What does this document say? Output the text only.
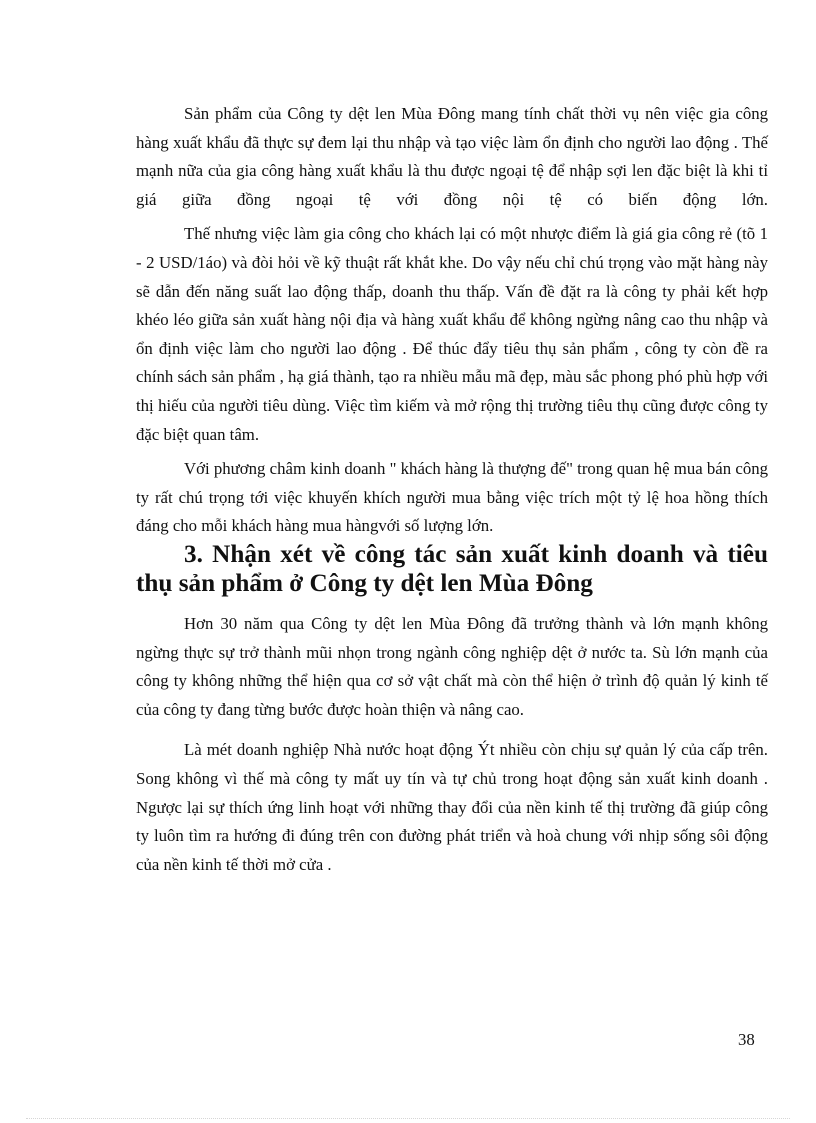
Sản phẩm của Công ty dệt len Mùa Đông mang tính chất thời vụ nên việc gia công hàng xuất khẩu đã thực sự đem lại thu nhập và tạo việc làm ổn định cho người lao động . Thế mạnh nữa của gia công hàng xuất khẩu là thu được ngoại tệ để nhập sợi len đặc biệt là khi tỉ giá giữa đồng ngoại tệ với đồng nội tệ có biến động lớn.

Thế nhưng việc làm gia công cho khách lại có một nhược điểm là giá gia công rẻ (tõ 1 - 2 USD/1áo) và đòi hỏi về kỹ thuật rất khắt khe. Do vậy nếu chỉ chú trọng vào mặt hàng này sẽ dẫn đến năng suất lao động thấp, doanh thu thấp. Vấn đề đặt ra là công ty phải kết hợp khéo léo giữa sản xuất hàng nội địa và hàng xuất khẩu để không ngừng nâng cao thu nhập và ổn định việc làm cho người lao động . Để thúc đẩy tiêu thụ sản phẩm , công ty còn đề ra chính sách sản phẩm , hạ giá thành, tạo ra nhiều mẫu mã đẹp, màu sắc phong phó phù hợp với thị hiếu của người tiêu dùng. Việc tìm kiếm và mở rộng thị trường tiêu thụ cũng được công ty đặc biệt quan tâm.

Với phương châm kinh doanh " khách hàng là thượng đế" trong quan hệ mua bán công ty rất chú trọng tới việc khuyến khích người mua bằng việc trích một tỷ lệ hoa hồng thích đáng cho mỗi khách hàng mua hàngvới số lượng lớn.

3. Nhận xét về công tác sản xuất kinh doanh và tiêu thụ sản phẩm ở Công ty dệt len Mùa Đông

Hơn 30 năm qua Công ty dệt len Mùa Đông đã trưởng thành và lớn mạnh không ngừng thực sự trở thành mũi nhọn trong ngành công nghiệp dệt ở nước ta. Sù lớn mạnh của công ty không những thể hiện qua cơ sở vật chất mà còn thể hiện ở trình độ quản lý kinh tế của công ty đang từng bước được hoàn thiện và nâng cao.

Là mét doanh nghiệp Nhà nước hoạt động Ýt nhiều còn chịu sự quản lý của cấp trên. Song không vì thế mà công ty mất uy tín và tự chủ trong hoạt động sản xuất kinh doanh . Ngược lại sự thích ứng linh hoạt với những thay đổi của nền kinh tế thị trường đã giúp công ty luôn tìm ra hướng đi đúng trên con đường phát triển và hoà chung với nhịp sống sôi động của nền kinh tế thời mở cửa .

38
